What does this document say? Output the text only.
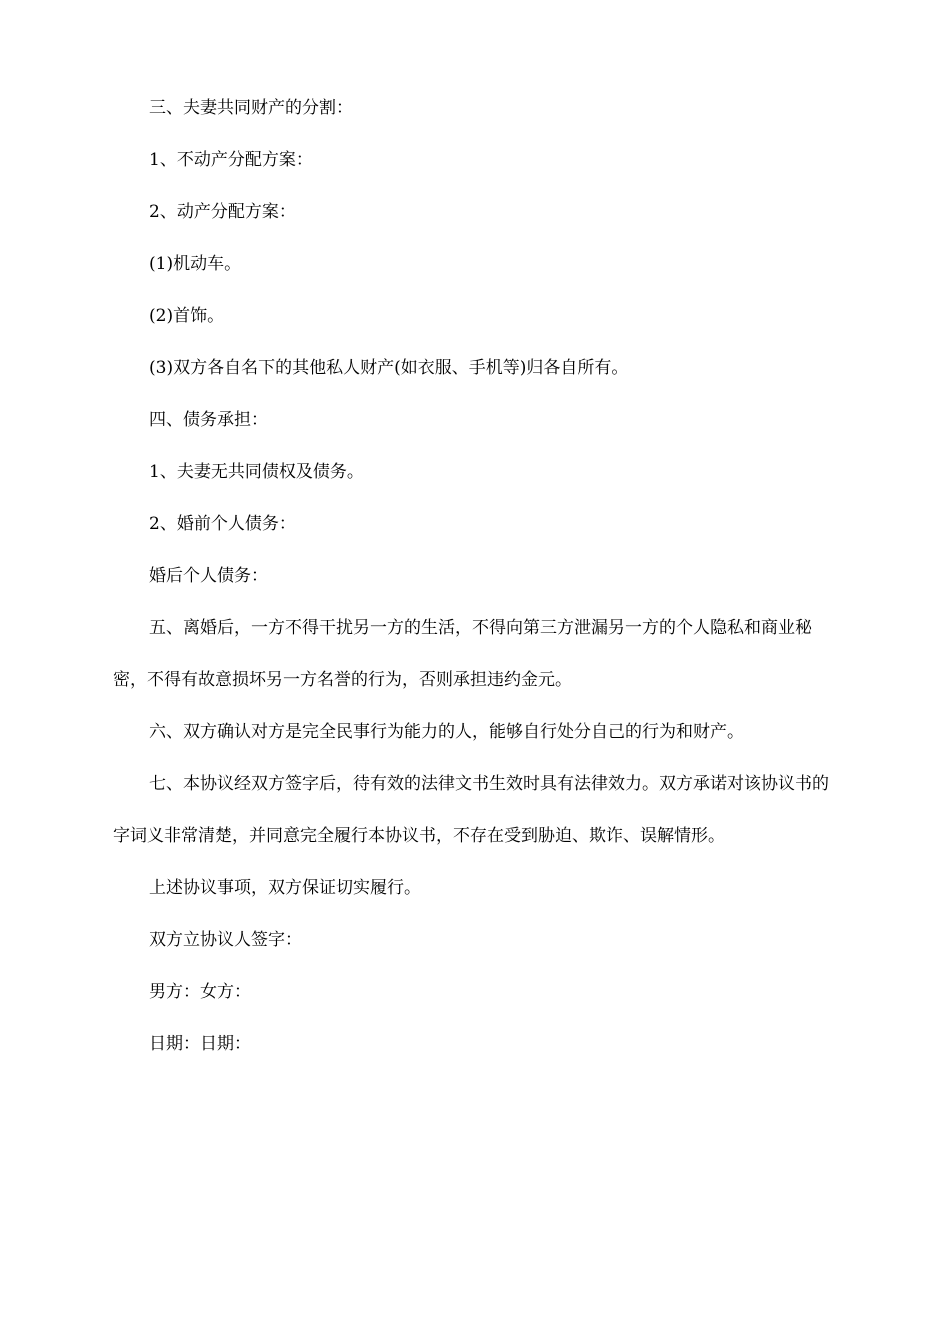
三、夫妻共同财产的分割：

1、不动产分配方案：

2、动产分配方案：

(1)机动车。

(2)首饰。

(3)双方各自名下的其他私人财产(如衣服、手机等)归各自所有。

四、债务承担：

1、夫妻无共同债权及债务。

2、婚前个人债务：

婚后个人债务：

五、离婚后，一方不得干扰另一方的生活，不得向第三方泄漏另一方的个人隐私和商业秘密，不得有故意损坏另一方名誉的行为，否则承担违约金元。

六、双方确认对方是完全民事行为能力的人，能够自行处分自己的行为和财产。

七、本协议经双方签字后，待有效的法律文书生效时具有法律效力。双方承诺对该协议书的字词义非常清楚，并同意完全履行本协议书，不存在受到胁迫、欺诈、误解情形。

上述协议事项，双方保证切实履行。

双方立协议人签字：

男方：女方：

日期：日期：
